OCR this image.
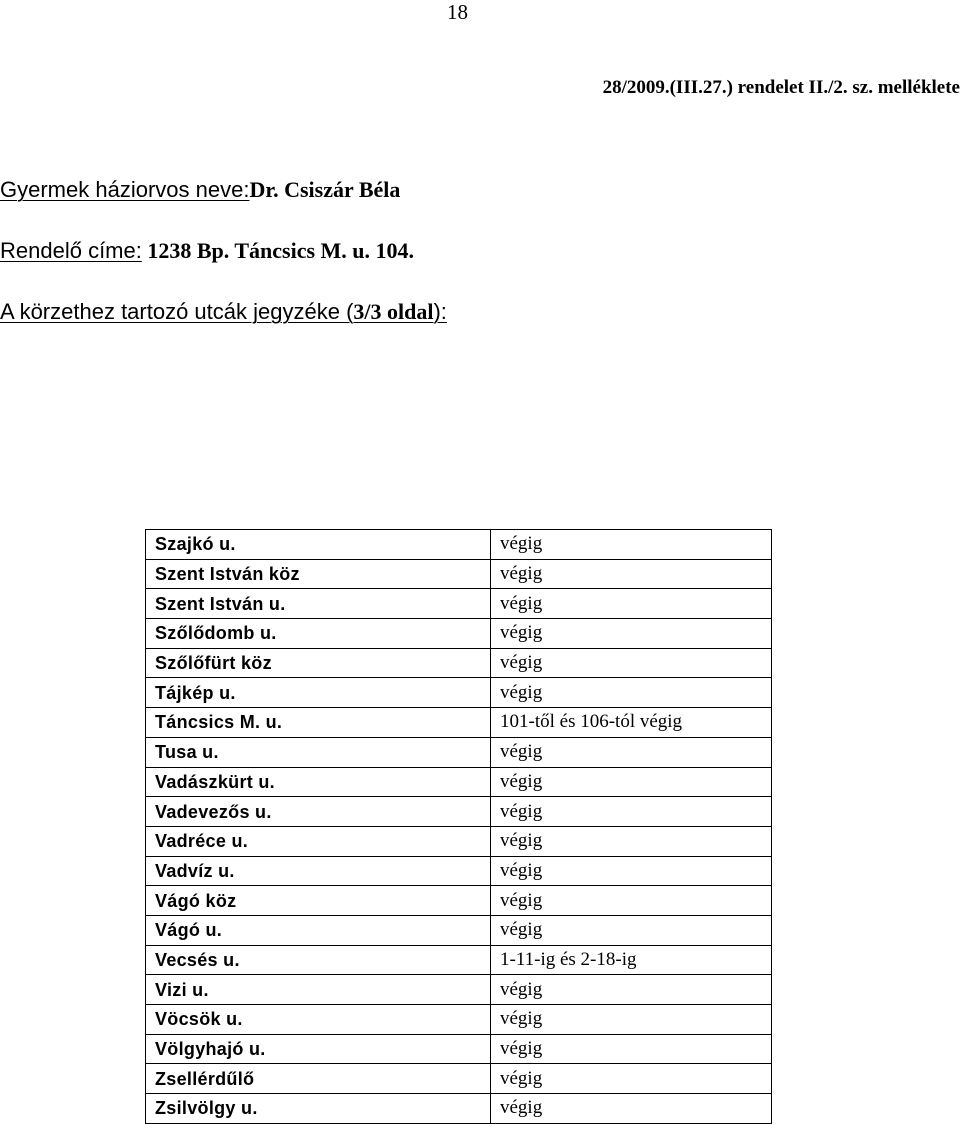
18
28/2009.(III.27.) rendelet II./2. sz. melléklete
Gyermek háziorvos neve:Dr. Csiszár Béla
Rendelő címe: 1238 Bp. Táncsics M. u. 104.
A körzethez tartozó utcák jegyzéke (3/3 oldal):
Szajkó u.	végig
Szent István köz	végig
Szent István u.	végig
Szőlődomb u.	végig
Szőlőfürt köz	végig
Tájkép u.	végig
Táncsics M. u.	101-től és 106-tól végig
Tusa u.	végig
Vadászkürt u.	végig
Vadevezős u.	végig
Vadréce u.	végig
Vadvíz u.	végig
Vágó köz	végig
Vágó u.	végig
Vecsés u.	1-11-ig és 2-18-ig
Vizi u.	végig
Vöcsök u.	végig
Völgyhajó u.	végig
Zsellérdűlő	végig
Zsilvölgy u.	végig
